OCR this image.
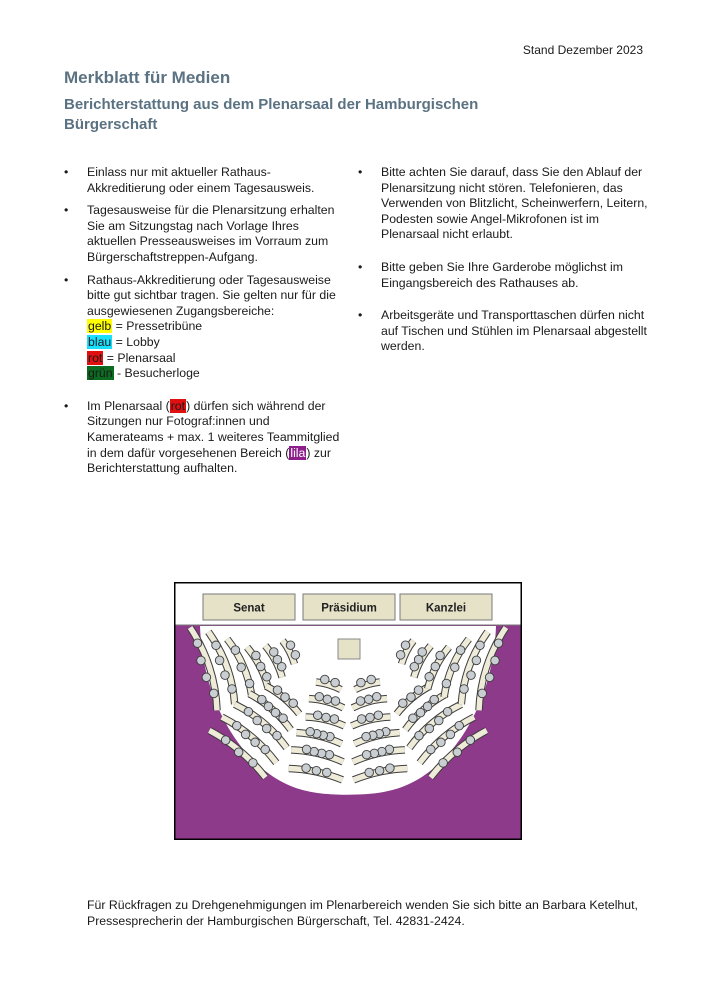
Stand Dezember 2023
Merkblatt für Medien
Berichterstattung aus dem Plenarsaal der Hamburgischen Bürgerschaft
• Einlass nur mit aktueller Rathaus-Akkreditierung oder einem Tagesausweis.
• Tagesausweise für die Plenarsitzung erhalten Sie am Sitzungstag nach Vorlage Ihres aktuellen Presseausweises im Vorraum zum Bürgerschaftstreppen-Aufgang.
• Rathaus-Akkreditierung oder Tagesausweise bitte gut sichtbar tragen. Sie gelten nur für die ausgewiesenen Zugangsbereiche:
gelb = Pressetribüne
blau = Lobby
rot = Plenarsaal
grün - Besucherloge
• Im Plenarsaal (rot) dürfen sich während der Sitzungen nur Fotograf:innen und Kamerateams + max. 1 weiteres Teammitglied in dem dafür vorgesehenen Bereich (lila) zur Berichterstattung aufhalten.
• Bitte achten Sie darauf, dass Sie den Ablauf der Plenarsitzung nicht stören. Telefonieren, das Verwenden von Blitzlicht, Scheinwerfern, Leitern, Podesten sowie Angel-Mikrofonen ist im Plenarsaal nicht erlaubt.
• Bitte geben Sie Ihre Garderobe möglichst im Eingangsbereich des Rathauses ab.
• Arbeitsgeräte und Transporttaschen dürfen nicht auf Tischen und Stühlen im Plenarsaal abgestellt werden.
Senat	Präsidium	Kanzlei
Für Rückfragen zu Drehgenehmigungen im Plenarbereich wenden Sie sich bitte an Barbara Ketelhut, Pressesprecherin der Hamburgischen Bürgerschaft, Tel. 42831-2424.
